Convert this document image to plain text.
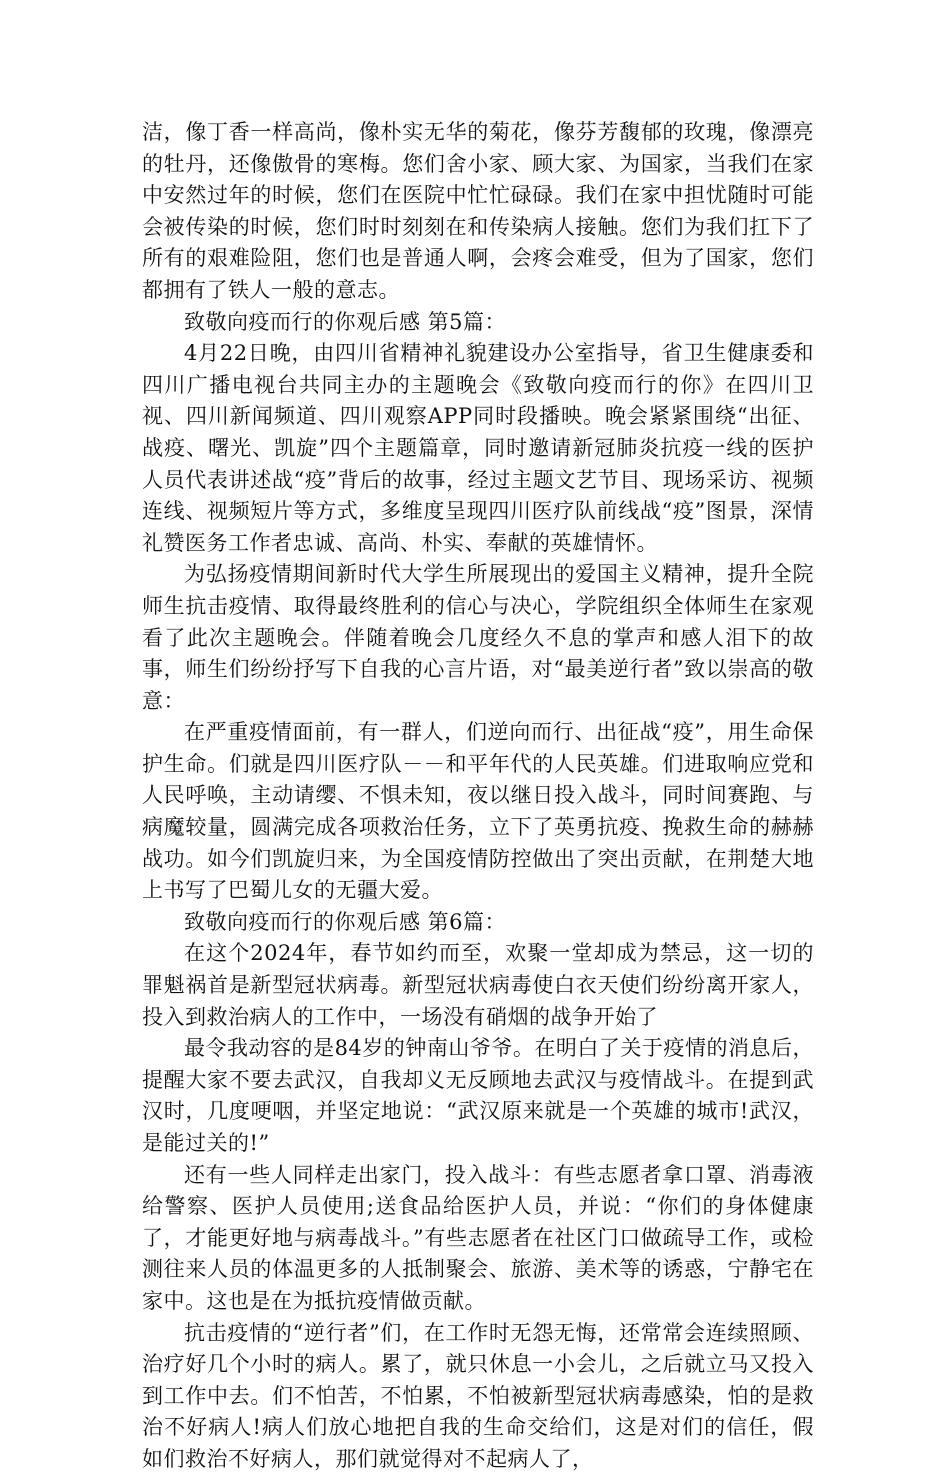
洁，像丁香一样高尚，像朴实无华的菊花，像芬芳馥郁的玫瑰，像漂亮的牡丹，还像傲骨的寒梅。您们舍小家、顾大家、为国家，当我们在家中安然过年的时候，您们在医院中忙忙碌碌。我们在家中担忧随时可能会被传染的时候，您们时时刻刻在和传染病人接触。您们为我们扛下了所有的艰难险阻，您们也是普通人啊，会疼会难受，但为了国家，您们都拥有了铁人一般的意志。

致敬向疫而行的你观后感 第5篇：

4月22日晚，由四川省精神礼貌建设办公室指导，省卫生健康委和四川广播电视台共同主办的主题晚会《致敬向疫而行的你》在四川卫视、四川新闻频道、四川观察APP同时段播映。晚会紧紧围绕“出征、战疫、曙光、凯旋”四个主题篇章，同时邀请新冠肺炎抗疫一线的医护人员代表讲述战“疫”背后的故事，经过主题文艺节目、现场采访、视频连线、视频短片等方式，多维度呈现四川医疗队前线战“疫”图景，深情礼赞医务工作者忠诚、高尚、朴实、奉献的英雄情怀。

为弘扬疫情期间新时代大学生所展现出的爱国主义精神，提升全院师生抗击疫情、取得最终胜利的信心与决心，学院组织全体师生在家观看了此次主题晚会。伴随着晚会几度经久不息的掌声和感人泪下的故事，师生们纷纷抒写下自我的心言片语，对“最美逆行者”致以崇高的敬意：

在严重疫情面前，有一群人，们逆向而行、出征战“疫”，用生命保护生命。们就是四川医疗队－－和平年代的人民英雄。们进取响应党和人民呼唤，主动请缨、不惧未知，夜以继日投入战斗，同时间赛跑、与病魔较量，圆满完成各项救治任务，立下了英勇抗疫、挽救生命的赫赫战功。如今们凯旋归来，为全国疫情防控做出了突出贡献，在荆楚大地上书写了巴蜀儿女的无疆大爱。

致敬向疫而行的你观后感 第6篇：

在这个2024年，春节如约而至，欢聚一堂却成为禁忌，这一切的罪魁祸首是新型冠状病毒。新型冠状病毒使白衣天使们纷纷离开家人，投入到救治病人的工作中，一场没有硝烟的战争开始了

最令我动容的是84岁的钟南山爷爷。在明白了关于疫情的消息后，提醒大家不要去武汉，自我却义无反顾地去武汉与疫情战斗。在提到武汉时，几度哽咽，并坚定地说：“武汉原来就是一个英雄的城市!武汉，是能过关的!”

还有一些人同样走出家门，投入战斗：有些志愿者拿口罩、消毒液给警察、医护人员使用;送食品给医护人员，并说：“你们的身体健康了，才能更好地与病毒战斗。”有些志愿者在社区门口做疏导工作，或检测往来人员的体温更多的人抵制聚会、旅游、美术等的诱惑，宁静宅在家中。这也是在为抵抗疫情做贡献。

抗击疫情的“逆行者”们，在工作时无怨无悔，还常常会连续照顾、治疗好几个小时的病人。累了，就只休息一小会儿，之后就立马又投入到工作中去。们不怕苦，不怕累，不怕被新型冠状病毒感染，怕的是救治不好病人!病人们放心地把自我的生命交给们，这是对们的信任，假如们救治不好病人，那们就觉得对不起病人了，
